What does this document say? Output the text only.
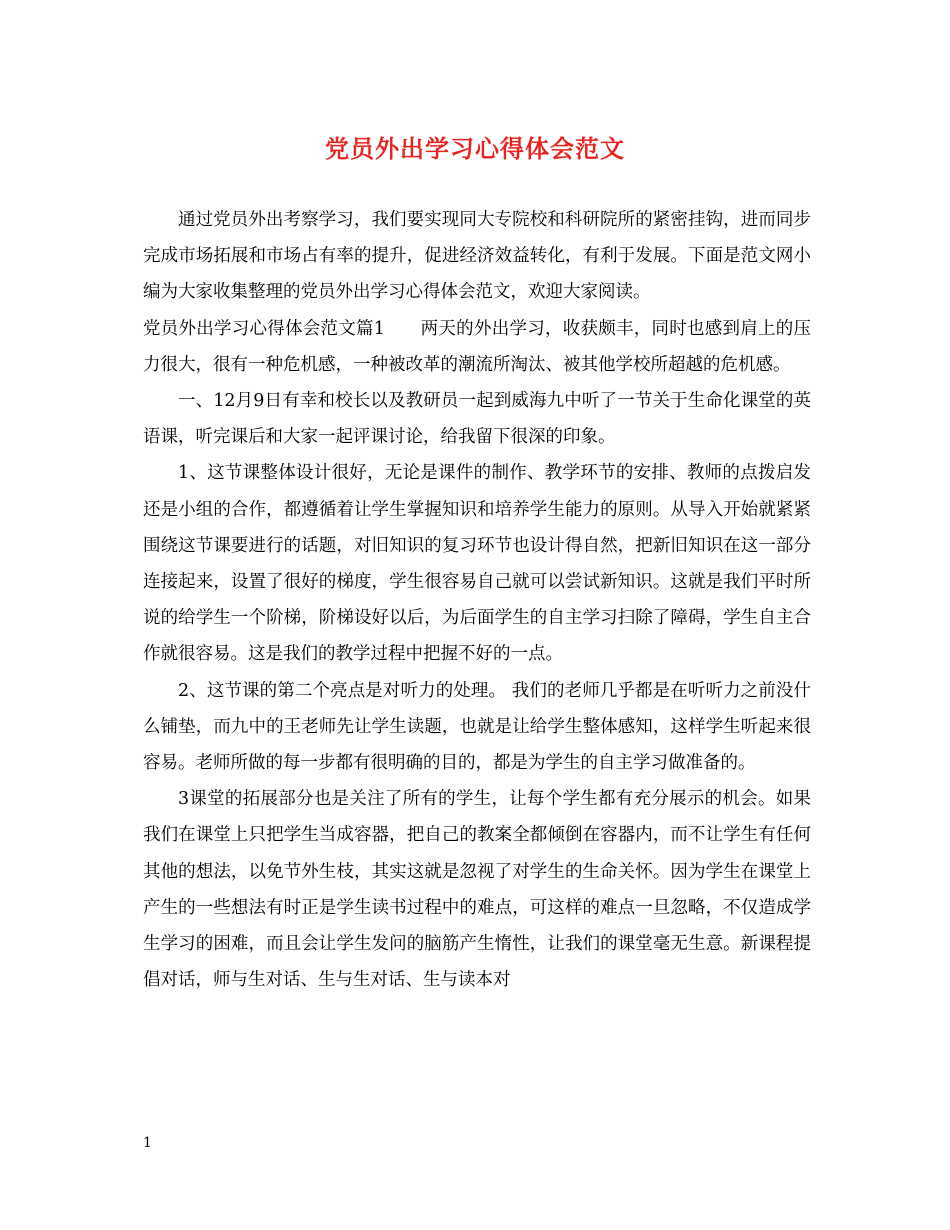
党员外出学习心得体会范文

通过党员外出考察学习，我们要实现同大专院校和科研院所的紧密挂钩，进而同步完成市场拓展和市场占有率的提升，促进经济效益转化，有利于发展。下面是范文网小编为大家收集整理的党员外出学习心得体会范文，欢迎大家阅读。

党员外出学习心得体会范文篇1　　两天的外出学习，收获颇丰，同时也感到肩上的压力很大，很有一种危机感，一种被改革的潮流所淘汰、被其他学校所超越的危机感。

一、12月9日有幸和校长以及教研员一起到威海九中听了一节关于生命化课堂的英语课，听完课后和大家一起评课讨论，给我留下很深的印象。

1、这节课整体设计很好，无论是课件的制作、教学环节的安排、教师的点拨启发还是小组的合作，都遵循着让学生掌握知识和培养学生能力的原则。从导入开始就紧紧围绕这节课要进行的话题，对旧知识的复习环节也设计得自然，把新旧知识在这一部分连接起来，设置了很好的梯度，学生很容易自己就可以尝试新知识。这就是我们平时所说的给学生一个阶梯，阶梯设好以后，为后面学生的自主学习扫除了障碍，学生自主合作就很容易。这是我们的教学过程中把握不好的一点。

2、这节课的第二个亮点是对听力的处理。 我们的老师几乎都是在听听力之前没什么铺垫，而九中的王老师先让学生读题，也就是让给学生整体感知，这样学生听起来很容易。老师所做的每一步都有很明确的目的，都是为学生的自主学习做准备的。

3课堂的拓展部分也是关注了所有的学生，让每个学生都有充分展示的机会。如果我们在课堂上只把学生当成容器，把自己的教案全都倾倒在容器内，而不让学生有任何其他的想法，以免节外生枝，其实这就是忽视了对学生的生命关怀。因为学生在课堂上产生的一些想法有时正是学生读书过程中的难点，可这样的难点一旦忽略，不仅造成学生学习的困难，而且会让学生发问的脑筋产生惰性，让我们的课堂毫无生意。新课程提倡对话，师与生对话、生与生对话、生与读本对

1
